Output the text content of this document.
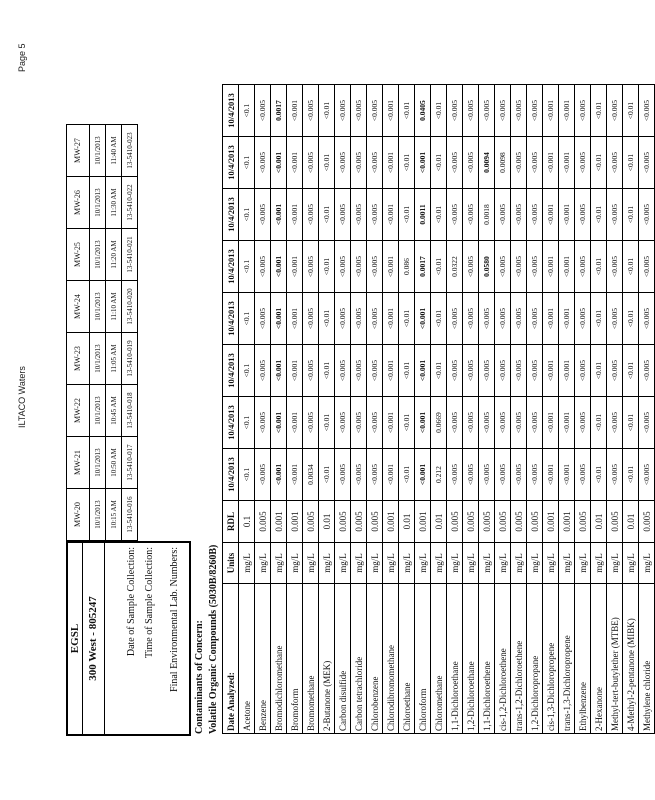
ILTACO Waters
Page 5
EGSL 300 West - 805247	Date of Sample Collection: Time of Sample Collection: Final Environmental Lab. Numbers:
MW-20	MW-21	MW-22	MW-23	MW-24	MW-25	MW-26	MW-27
10/1/2013	10/1/2013	10/1/2013	10/1/2013	10/1/2013	10/1/2013	10/1/2013	10/1/2013
10:15 AM	10:50 AM	10:45 AM	11:05 AM	11:10 AM	11:20 AM	11:30 AM	11:40 AM
13-5410-016	13-5410-017	13-5410-018	13-5410-019	13-5410-020	13-5410-021	13-5410-022	13-5410-023
Contaminants of Concern: Volatile Organic Compounds (5030B/8260B) Date Analyzed:	Units	RDL	10/4/2013	10/4/2013	10/4/2013	10/4/2013	10/4/2013	10/4/2013	10/4/2013	10/4/2013
Acetone	mg/L	0.1	<0.1	<0.1	<0.1	<0.1	<0.1	<0.1	<0.1	<0.1
Benzene	mg/L	0.005	<0.005	<0.005	<0.005	<0.005	<0.005	<0.005	<0.005	<0.005
Bromodichloromethane	mg/L	0.001	<0.001	<0.001	<0.001	<0.001	<0.001	<0.001	<0.001	0.0017
Bromoform	mg/L	0.001	<0.001	<0.001	<0.001	<0.001	<0.001	<0.001	<0.001	<0.001
Bromomethane	mg/L	0.005	0.0034	<0.005	<0.005	<0.005	<0.005	<0.005	<0.005	<0.005
2-Butanone (MEK)	mg/L	0.01	<0.01	<0.01	<0.01	<0.01	<0.01	<0.01	<0.01	<0.01
Carbon disulfide	mg/L	0.005	<0.005	<0.005	<0.005	<0.005	<0.005	<0.005	<0.005	<0.005
Carbon tetrachloride	mg/L	0.005	<0.005	<0.005	<0.005	<0.005	<0.005	<0.005	<0.005	<0.005
Chlorobenzene	mg/L	0.005	<0.005	<0.005	<0.005	<0.005	<0.005	<0.005	<0.005	<0.005
Chlorodibromomethane	mg/L	0.001	<0.001	<0.001	<0.001	<0.001	<0.001	<0.001	<0.001	<0.001
Chloroethane	mg/L	0.01	<0.01	<0.01	<0.01	<0.01	0.086	<0.01	<0.01	<0.01
Chloroform	mg/L	0.001	<0.001	<0.001	<0.001	<0.001	0.0017	0.0011	<0.001	0.0405
Chloromethane	mg/L	0.01	0.212	0.0669	<0.01	<0.01	<0.01	<0.01	<0.01	<0.01
1,1-Dichloroethane	mg/L	0.005	<0.005	<0.005	<0.005	<0.005	0.0322	<0.005	<0.005	<0.005
1,2-Dichloroethane	mg/L	0.005	<0.005	<0.005	<0.005	<0.005	<0.005	<0.005	<0.005	<0.005
1,1-Dichloroethene	mg/L	0.005	<0.005	<0.005	<0.005	<0.005	0.0580	0.0018	0.0094	<0.005
cis-1,2-Dichloroethene	mg/L	0.005	<0.005	<0.005	<0.005	<0.005	<0.005	<0.005	0.0098	<0.005
trans-1,2-Dichloroethene	mg/L	0.005	<0.005	<0.005	<0.005	<0.005	<0.005	<0.005	<0.005	<0.005
1,2-Dichloropropane	mg/L	0.005	<0.005	<0.005	<0.005	<0.005	<0.005	<0.005	<0.005	<0.005
cis-1,3-Dichloropropene	mg/L	0.001	<0.001	<0.001	<0.001	<0.001	<0.001	<0.001	<0.001	<0.001
trans-1,3-Dichloropropene	mg/L	0.001	<0.001	<0.001	<0.001	<0.001	<0.001	<0.001	<0.001	<0.001
Ethylbenzene	mg/L	0.005	<0.005	<0.005	<0.005	<0.005	<0.005	<0.005	<0.005	<0.005
2-Hexanone	mg/L	0.01	<0.01	<0.01	<0.01	<0.01	<0.01	<0.01	<0.01	<0.01
Methyl-tert-butylether (MTBE)	mg/L	0.005	<0.005	<0.005	<0.005	<0.005	<0.005	<0.005	<0.005	<0.005
4-Methyl-2-pentanone (MIBK)	mg/L	0.01	<0.01	<0.01	<0.01	<0.01	<0.01	<0.01	<0.01	<0.01
Methylene chloride	mg/L	0.005	<0.005	<0.005	<0.005	<0.005	<0.005	<0.005	<0.005	<0.005
